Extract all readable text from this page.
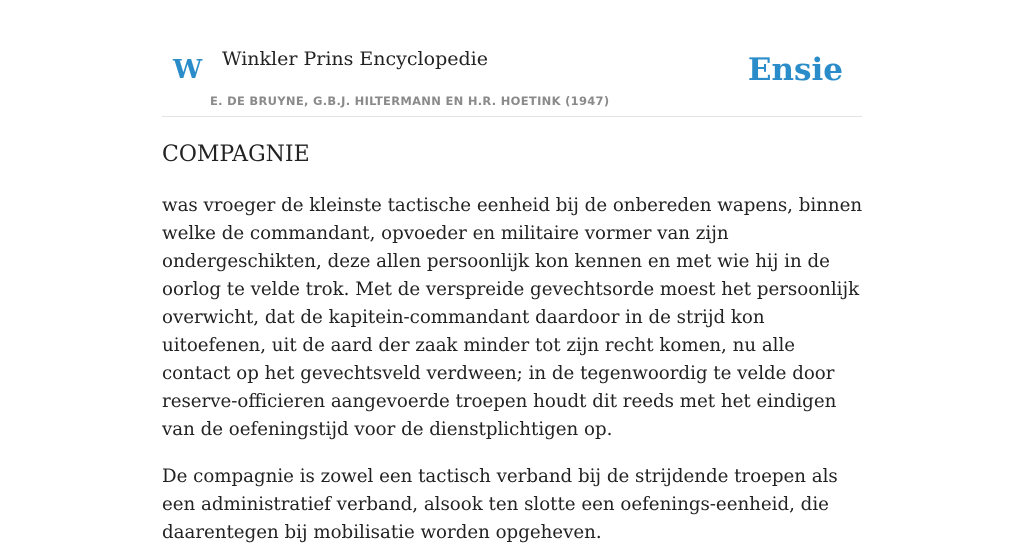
W Winkler Prins Encyclopedie
E. DE BRUYNE, G.B.J. HILTERMANN EN H.R. HOETINK (1947)
Ensie
COMPAGNIE

was vroeger de kleinste tactische eenheid bij de onbereden wapens, binnen welke de commandant, opvoeder en militaire vormer van zijn ondergeschikten, deze allen persoonlijk kon kennen en met wie hij in de oorlog te velde trok. Met de verspreide gevechtsorde moest het persoonlijk overwicht, dat de kapitein-commandant daardoor in de strijd kon uitoefenen, uit de aard der zaak minder tot zijn recht komen, nu alle contact op het gevechtsveld verdween; in de tegenwoordig te velde door reserve-officieren aangevoerde troepen houdt dit reeds met het eindigen van de oefeningstijd voor de dienstplichtigen op.

De compagnie is zowel een tactisch verband bij de strijdende troepen als een administratief verband, alsook ten slotte een oefenings-eenheid, die daarentegen bij mobilisatie worden opgeheven.
